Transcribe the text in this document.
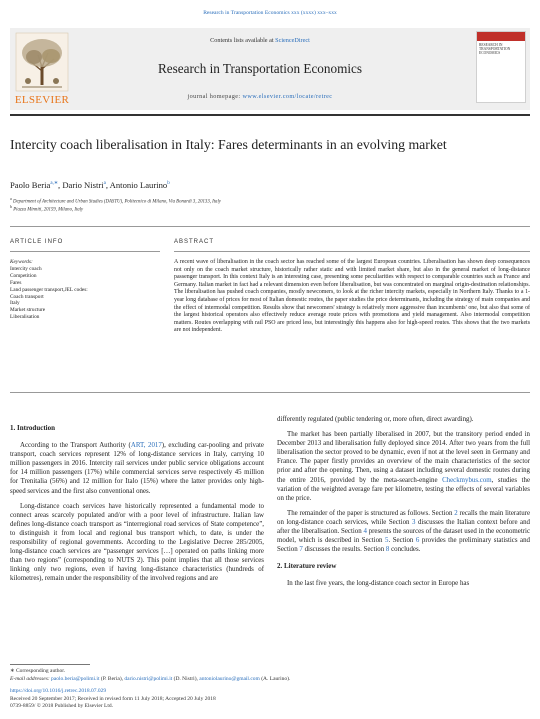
Research in Transportation Economics xxx (xxxx) xxx–xxx
ELSEVIER
Contents lists available at ScienceDirect
Research in Transportation Economics
journal homepage: www.elsevier.com/locate/retrec
RESEARCH IN TRANSPORTATION ECONOMICS
Intercity coach liberalisation in Italy: Fares determinants in an evolving market
Paolo Beria$^{a,∗}$, Dario Nistri$^a$, Antonio Laurino$^b$
$^a$ Department of Architecture and Urban Studies (DASTU), Politecnico di Milano, Via Bonardi 3, 20133, Italy
$^b$ Piazza Minniti, 20159, Milano, Italy
ARTICLE INFO	ABSTRACT
Keywords:
Intercity coach
Competition
Fares
Land passenger transport,JEL codes:
Coach transport
Italy
Market structure
Liberalisation
A recent wave of liberalisation in the coach sector has reached some of the largest European countries. Liberalisation has shown deep consequences not only on the coach market structure, historically rather static and with limited market share, but also in the general market of long-distance passenger transport. In this context Italy is an interesting case, presenting some peculiarities with respect to comparable countries such as France and Germany. Italian market in fact had a relevant dimension even before liberalisation, but was concentrated on marginal origin-destination relationships. The liberalisation has pushed coach companies, mostly newcomers, to look at the richer intercity markets, especially in Northern Italy. Thanks to a 1-year long database of prices for most of Italian domestic routes, the paper studies the price determinants, including the strategy of main companies and the effect of intermodal competition. Results show that newcomers' strategy is relatively more aggressive than incumbents' one, but also that some of the largest historical operators also effectively reduce average route prices with promotions and yield management. Also intermodal competition matters. Routes overlapping with rail PSO are priced less, but interestingly this happens also for high-speed routes. This shows that the two markets are not independent.
1. Introduction

According to the Transport Authority (ART, 2017), excluding car-pooling and private transport, coach services represent 12% of long-distance services in Italy, carrying 10 million passengers in 2016. Intercity rail services under public service obligations account for 14 million passengers (17%) while commercial services serve respectively 45 million for Trenitalia (56%) and 12 million for Italo (15%) where the latter provides only high-speed services and the first also conventional ones.

Long-distance coach services have historically represented a fundamental mode to connect areas scarcely populated and/or with a poor level of infrastructure. Italian law defines long-distance coach transport as “interregional road services of State competence”, to distinguish it from local and regional bus transport which, to date, is under the responsibility of regional governments. According to the Legislative Decree 285/2005, long-distance coach services are “passenger services […] operated on paths linking more than two regions” (corresponding to NUTS 2). This point implies that all those services linking only two regions, even if having long-distance characteristics (hundreds of kilometres), remain under the responsibility of the involved regions and are

differently regulated (public tendering or, more often, direct awarding).

The market has been partially liberalised in 2007, but the transitory period ended in December 2013 and liberalisation fully deployed since 2014. After two years from the full liberalisation the sector proved to be dynamic, even if not at the level seen in Germany and France. The paper firstly provides an overview of the main characteristics of the sector prior and after the opening. Then, using a dataset including several domestic routes during the entire 2016, provided by the meta-search-engine Checkmybus.com, studies the variation of the weighted average fare per kilometre, testing the effects of several variables on the price.

The remainder of the paper is structured as follows. Section 2 recalls the main literature on long-distance coach services, while Section 3 discusses the Italian context before and after the liberalisation. Section 4 presents the sources of the dataset used in the econometric model, which is described in Section 5. Section 6 provides the preliminary statistics and Section 7 discusses the results. Section 8 concludes.

2. Literature review

In the last five years, the long-distance coach sector in Europe has

∗ Corresponding author.
E-mail addresses: paolo.beria@polimi.it (P. Beria), dario.nistri@polimi.it (D. Nistri), antoniolaurino@gmail.com (A. Laurino).
https://doi.org/10.1016/j.retrec.2018.07.029
Received 20 September 2017; Received in revised form 11 July 2018; Accepted 20 July 2018
0739-8859/ © 2018 Published by Elsevier Ltd.
